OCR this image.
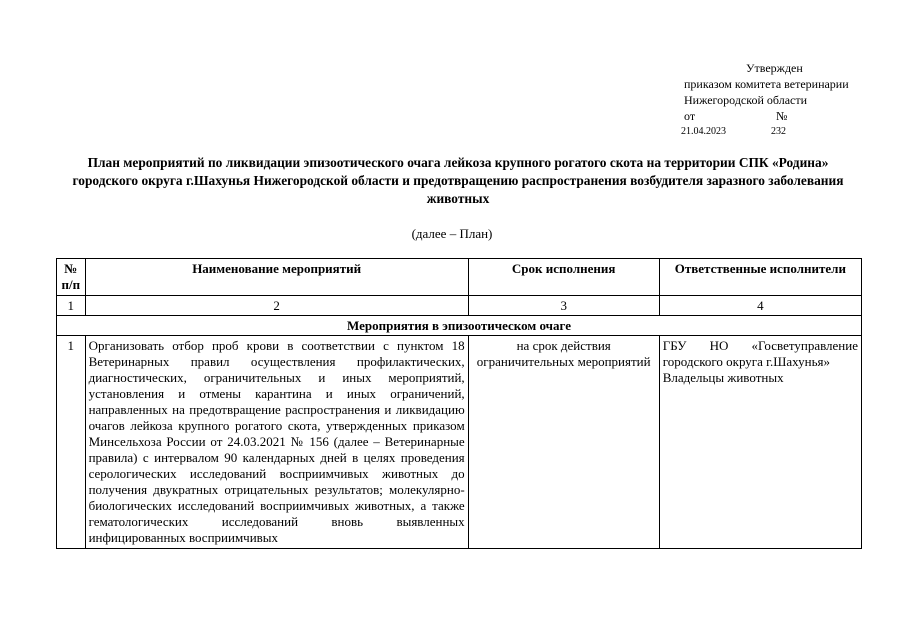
Утвержден
приказом комитета ветеринарии
Нижегородской области
от	№
21.04.2023	232
План мероприятий по ликвидации эпизоотического очага лейкоза крупного рогатого скота на территории СПК «Родина» городского округа г.Шахунья Нижегородской области и предотвращению распространения возбудителя заразного заболевания животных
(далее – План)
№ п/п	Наименование мероприятий	Срок исполнения	Ответственные исполнители
1	2	3	4
Мероприятия в эпизоотическом очаге			
1	Организовать отбор проб крови в соответствии с пунктом 18 Ветеринарных правил осуществления профилактических, диагностических, ограничительных и иных мероприятий, установления и отмены карантина и иных ограничений, направленных на предотвращение распространения и ликвидацию очагов лейкоза крупного рогатого скота, утвержденных приказом Минсельхоза России от 24.03.2021 № 156 (далее – Ветеринарные правила) с интервалом 90 календарных дней в целях проведения серологических исследований восприимчивых животных до получения двукратных отрицательных результатов; молекулярно-биологических исследований восприимчивых животных, а также гематологических исследований вновь выявленных инфицированных восприимчивых	на срок действия ограничительных мероприятий	ГБУ НО «Госветуправление городского округа г.Шахунья»
Владельцы животных
